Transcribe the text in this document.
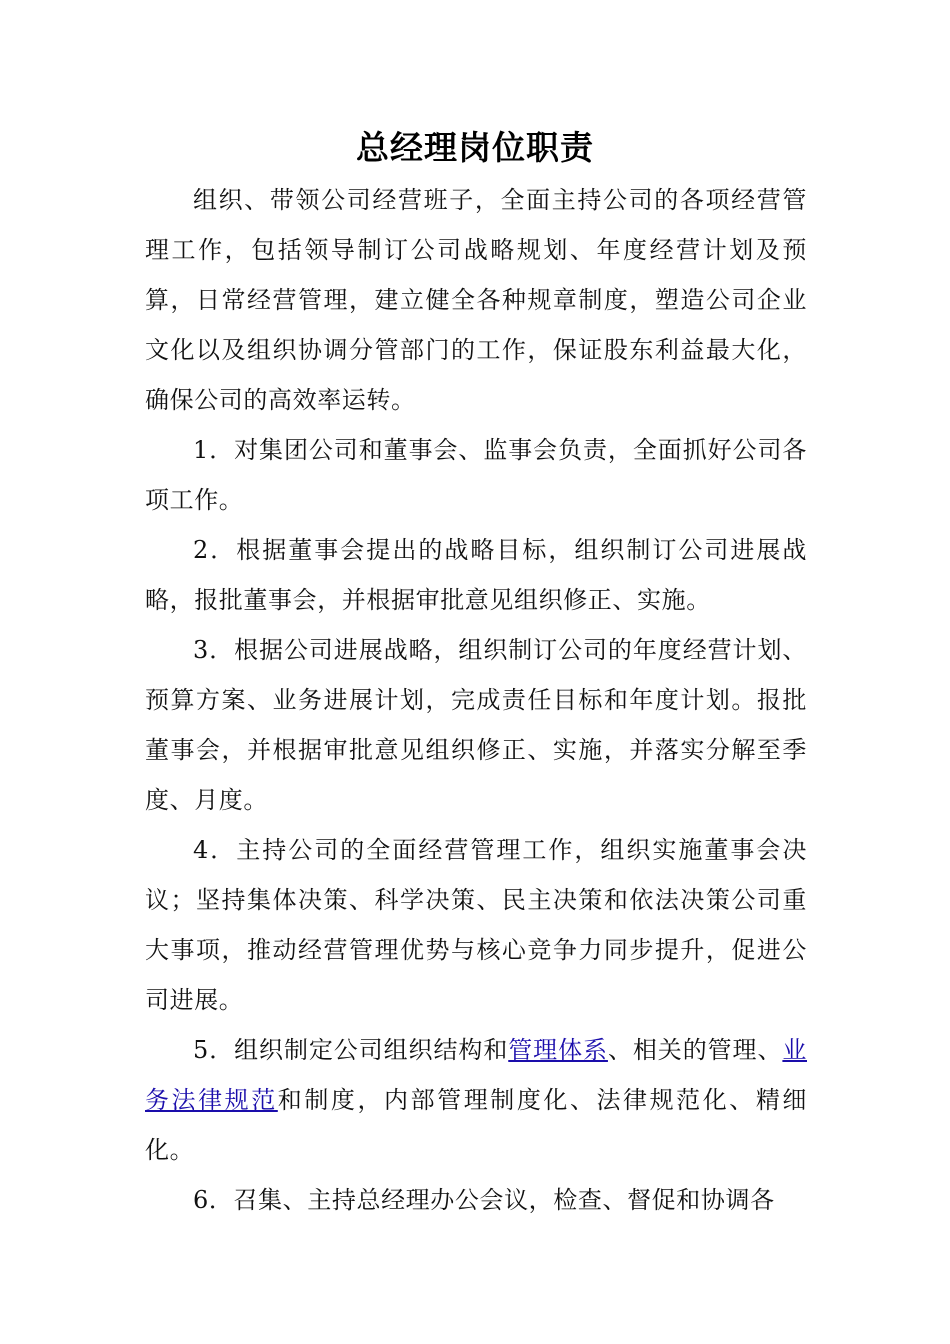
总经理岗位职责

组织、带领公司经营班子，全面主持公司的各项经营管理工作，包括领导制订公司战略规划、年度经营计划及预算，日常经营管理，建立健全各种规章制度，塑造公司企业文化以及组织协调分管部门的工作，保证股东利益最大化，确保公司的高效率运转。

1．对集团公司和董事会、监事会负责，全面抓好公司各项工作。

2．根据董事会提出的战略目标，组织制订公司进展战略，报批董事会，并根据审批意见组织修正、实施。

3．根据公司进展战略，组织制订公司的年度经营计划、预算方案、业务进展计划，完成责任目标和年度计划。报批董事会，并根据审批意见组织修正、实施，并落实分解至季度、月度。

4．主持公司的全面经营管理工作，组织实施董事会决议；坚持集体决策、科学决策、民主决策和依法决策公司重大事项，推动经营管理优势与核心竞争力同步提升，促进公司进展。

5．组织制定公司组织结构和管理体系、相关的管理、业务法律规范和制度，内部管理制度化、法律规范化、精细化。

6．召集、主持总经理办公会议，检查、督促和协调各
